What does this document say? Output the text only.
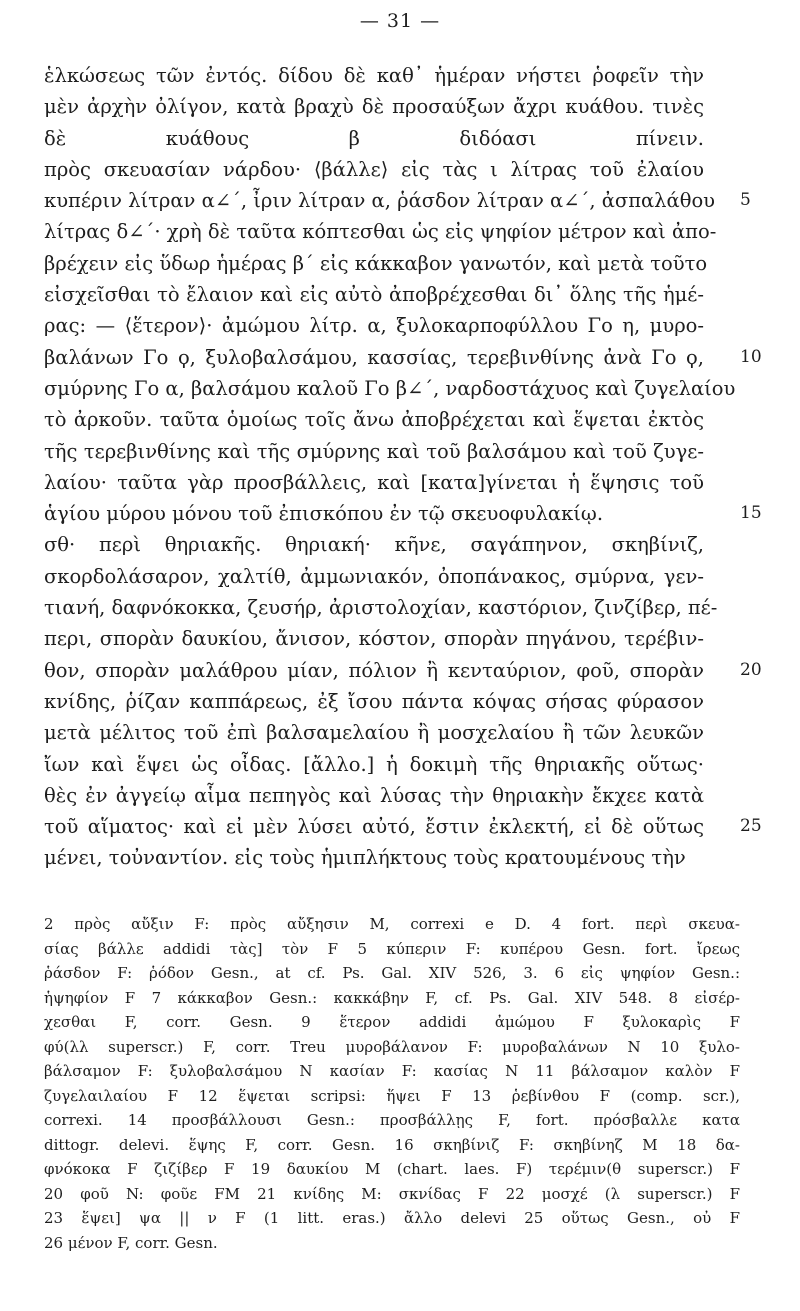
— 31 —
ἑλκώσεως τῶν ἐντός. δίδου δὲ καθ᾽ ἡμέραν νήστει ῥοφεῖν τὴν
μὲν ἀρχὴν ὀλίγον, κατὰ βραχὺ δὲ προσαύξων ἄχρι κυάθου. τινὲς
δὲ κυάθους β διδόασι πίνειν.
πρὸς σκευασίαν νάρδου· ⟨βάλλε⟩ εἰς τὰς ι λίτρας τοῦ ἐλαίου
κυπέριν λίτραν α∠΄, ἶριν λίτραν α, ῥάσδον λίτραν α∠΄, ἀσπαλάθου 5
λίτρας δ∠΄· χρὴ δὲ ταῦτα κόπτεσθαι ὡς εἰς ψηφίον μέτρον καὶ ἀπο-
βρέχειν εἰς ὕδωρ ἡμέρας β΄ εἰς κάκκαβον γανωτόν, καὶ μετὰ τοῦτο
εἰσχεῖσθαι τὸ ἔλαιον καὶ εἰς αὐτὸ ἀποβρέχεσθαι δι᾽ ὅλης τῆς ἡμέ-
ρας: — ⟨ἕτερον⟩· ἀμώμου λίτρ. α, ξυλοκαρποφύλλου Γο η, μυρο-
βαλάνων Γο ϙ, ξυλοβαλσάμου, κασσίας, τερεβινθίνης ἀνὰ Γο ϙ, 10
σμύρνης Γο α, βαλσάμου καλοῦ Γο β∠΄, ναρδοστάχυος καὶ ζυγελαίου
τὸ ἀρκοῦν. ταῦτα ὁμοίως τοῖς ἄνω ἀποβρέχεται καὶ ἕψεται ἐκτὸς
τῆς τερεβινθίνης καὶ τῆς σμύρνης καὶ τοῦ βαλσάμου καὶ τοῦ ζυγε-
λαίου· ταῦτα γὰρ προσβάλλεις, καὶ [κατα]γίνεται ἡ ἕψησις τοῦ
ἁγίου μύρου μόνου τοῦ ἐπισκόπου ἐν τῷ σκευοφυλακίῳ.	15
σθ· περὶ θηριακῆς. θηριακή· κῆνε, σαγάπηνον, σκηβίνιζ,
σκορδολάσαρον, χαλτίθ, ἀμμωνιακόν, ὀποπάνακος, σμύρνα, γεν-
τιανή, δαφνόκοκκα, ζευσήρ, ἀριστολοχίαν, καστόριον, ζινζίβερ, πέ-
περι, σπορὰν δαυκίου, ἄνισον, κόστον, σπορὰν πηγάνου, τερέβιν-
θον, σπορὰν μαλάθρου μίαν, πόλιον ἢ κενταύριον, φοῦ, σπορὰν 20
κνίδης, ῥίζαν καππάρεως, ἐξ ἴσου πάντα κόψας σήσας φύρασον
μετὰ μέλιτος τοῦ ἐπὶ βαλσαμελαίου ἢ μοσχελαίου ἢ τῶν λευκῶν
ἴων καὶ ἕψει ὡς οἶδας. [ἄλλο.] ἡ δοκιμὴ τῆς θηριακῆς οὕτως·
θὲς ἐν ἀγγείῳ αἷμα πεπηγὸς καὶ λύσας τὴν θηριακὴν ἔκχεε κατὰ
τοῦ αἵματος· καὶ εἰ μὲν λύσει αὐτό, ἔστιν ἐκλεκτή, εἰ δὲ οὕτως 25
μένει, τοὐναντίον. εἰς τοὺς ἡμιπλήκτους τοὺς κρατουμένους τὴν
2 πρὸς αὔξιν F: πρὸς αὔξησιν M, correxi e D. 4 fort. περὶ σκευα-
σίας βάλλε addidi τὰς] τὸν F 5 κύπεριν F: κυπέρου Gesn. fort. ἴρεως
ῥάσδον F: ῥόδον Gesn., at cf. Ps. Gal. XIV 526, 3. 6 εἰς ψηφίον Gesn.:
ἡψηφίον F 7 κάκκαβον Gesn.: κακκάβην F, cf. Ps. Gal. XIV 548. 8 εἰσέρ-
χεσθαι F, corr. Gesn. 9 ἕτερον addidi ἀμώμου F ξυλοκαρὶς F
φύ(λλ superscr.) F, corr. Treu μυροβάλανον F: μυροβαλάνων N 10 ξυλο-
βάλσαμον F: ξυλοβαλσάμου N κασίαν F: κασίας N 11 βάλσαμον καλὸν F
ζυγελαιλαίου F 12 ἕψεται scripsi: ἥψει F 13 ῥεβίνθου F (comp. scr.),
correxi. 14 προσβάλλουσι Gesn.: προσβάλλῃς F, fort. πρόσβαλλε κατα
dittogr. delevi. ἕψης F, corr. Gesn. 16 σκηβίνιζ F: σκηβίνηζ M 18 δα-
φνόκοκα F ζιζίβερ F 19 δαυκίου M (chart. laes. F) τερέμιν(θ superscr.) F
20 φοῦ N: φοῦε FM 21 κνίδης M: σκνίδας F 22 μοσχέ (λ superscr.) F
23 ἕψει] ψα || ν F (1 litt. eras.) ἄλλο delevi 25 οὕτως Gesn., οὐ F
26 μένον F, corr. Gesn.
